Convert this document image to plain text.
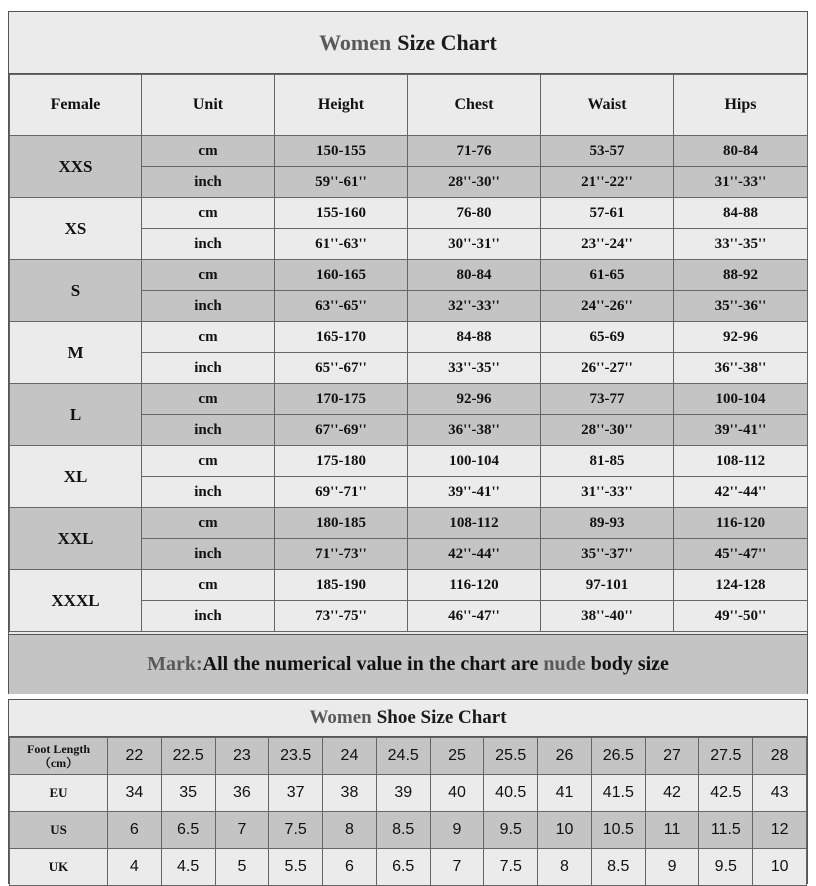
Women Size Chart
Female	Unit	Height	Chest	Waist	Hips
XXS	cm	150-155	71-76	53-57	80-84
	inch	59''-61''	28''-30''	21''-22''	31''-33''
XS	cm	155-160	76-80	57-61	84-88
	inch	61''-63''	30''-31''	23''-24''	33''-35''
S	cm	160-165	80-84	61-65	88-92
	inch	63''-65''	32''-33''	24''-26''	35''-36''
M	cm	165-170	84-88	65-69	92-96
	inch	65''-67''	33''-35''	26''-27''	36''-38''
L	cm	170-175	92-96	73-77	100-104
	inch	67''-69''	36''-38''	28''-30''	39''-41''
XL	cm	175-180	100-104	81-85	108-112
	inch	69''-71''	39''-41''	31''-33''	42''-44''
XXL	cm	180-185	108-112	89-93	116-120
	inch	71''-73''	42''-44''	35''-37''	45''-47''
XXXL	cm	185-190	116-120	97-101	124-128
	inch	73''-75''	46''-47''	38''-40''	49''-50''
Mark: All the numerical value in the chart are nude body size
Women Shoe Size Chart
Foot Length
（cm）	22	22.5	23	23.5	24	24.5	25	25.5	26	26.5	27	27.5	28
EU	34	35	36	37	38	39	40	40.5	41	41.5	42	42.5	43
US	6	6.5	7	7.5	8	8.5	9	9.5	10	10.5	11	11.5	12
UK	4	4.5	5	5.5	6	6.5	7	7.5	8	8.5	9	9.5	10
